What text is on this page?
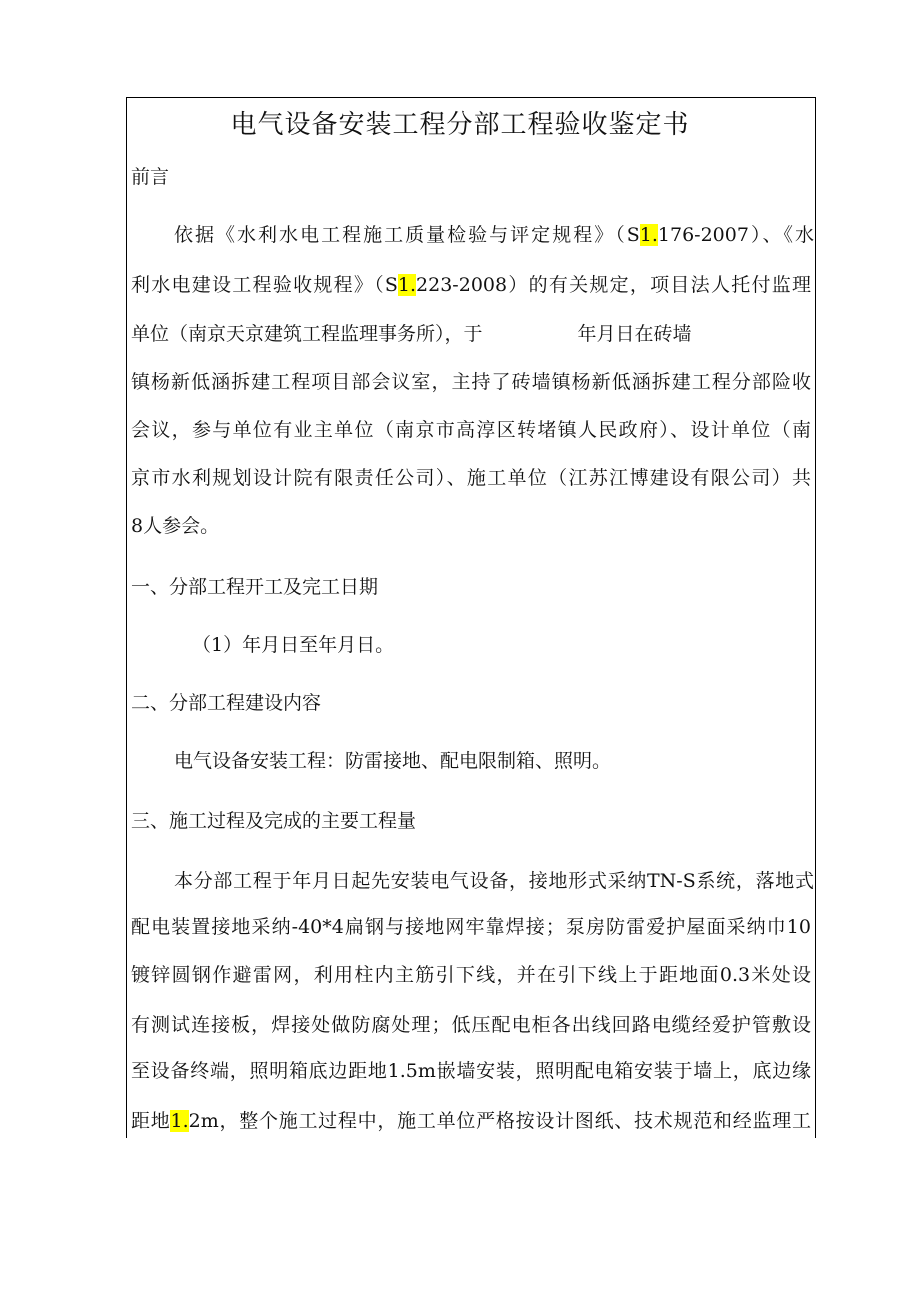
电气设备安装工程分部工程验收鉴定书
前言
依据《水利水电工程施工质量检验与评定规程》（S1.176-2007）、《水
利水电建设工程验收规程》（S1.223-2008）的有关规定，项目法人托付监理
单位（南京天京建筑工程监理事务所），于　　　　　年月日在砖墙
镇杨新低涵拆建工程项目部会议室，主持了砖墙镇杨新低涵拆建工程分部险收
会议，参与单位有业主单位（南京市高淳区转堵镇人民政府）、设计单位（南
京市水利规划设计院有限责任公司）、施工单位（江苏江博建设有限公司）共
8人参会。
一、分部工程开工及完工日期
（1）年月日至年月日。
二、分部工程建设内容
电气设备安装工程：防雷接地、配电限制箱、照明。
三、施工过程及完成的主要工程量
本分部工程于年月日起先安装电气设备，接地形式采纳TN-S系统，落地式
配电装置接地采纳-40*4扁钢与接地网牢靠焊接；泵房防雷爱护屋面采纳巾10
镀锌圆钢作避雷网，利用柱内主筋引下线，并在引下线上于距地面0.3米处设
有测试连接板，焊接处做防腐处理；低压配电柜各出线回路电缆经爱护管敷设
至设备终端，照明箱底边距地1.5m嵌墙安装，照明配电箱安装于墙上，底边缘
距地1.2m，整个施工过程中，施工单位严格按设计图纸、技术规范和经监理工
